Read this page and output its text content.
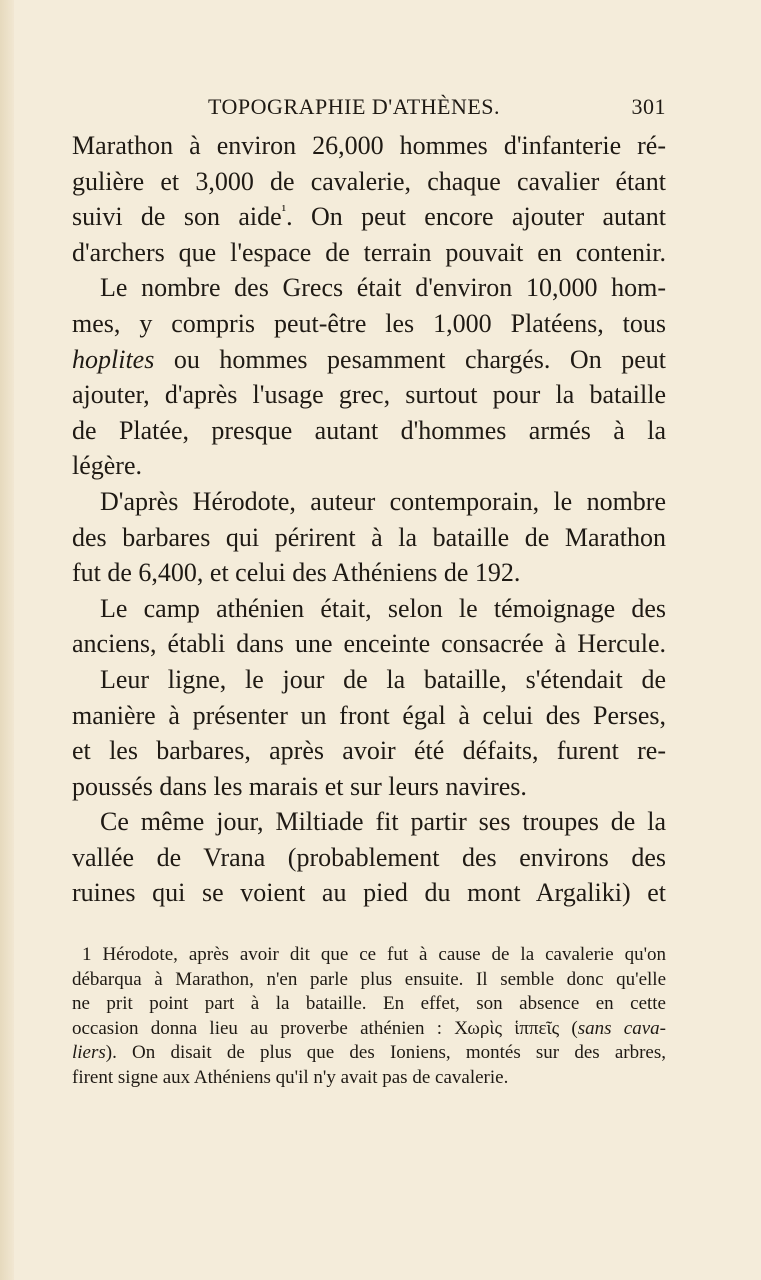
TOPOGRAPHIE D'ATHÈNES.	301

Marathon à environ 26,000 hommes d'infanterie ré-

gulière et 3,000 de cavalerie, chaque cavalier étant

suivi de son aide$^{^1}$. On peut encore ajouter autant

d'archers que l'espace de terrain pouvait en contenir.

Le nombre des Grecs était d'environ 10,000 hom-

mes, y compris peut-être les 1,000 Platéens, tous

hoplites ou hommes pesamment chargés. On peut

ajouter, d'après l'usage grec, surtout pour la bataille

de Platée, presque autant d'hommes armés à la

légère.

D'après Hérodote, auteur contemporain, le nombre

des barbares qui périrent à la bataille de Marathon

fut de 6,400, et celui des Athéniens de 192.

Le camp athénien était, selon le témoignage des

anciens, établi dans une enceinte consacrée à Hercule.

Leur ligne, le jour de la bataille, s'étendait de

manière à présenter un front égal à celui des Perses,

et les barbares, après avoir été défaits, furent re-

poussés dans les marais et sur leurs navires.

Ce même jour, Miltiade fit partir ses troupes de la

vallée de Vrana (probablement des environs des

ruines qui se voient au pied du mont Argaliki) et

1 Hérodote, après avoir dit que ce fut à cause de la cavalerie qu'on

débarqua à Marathon, n'en parle plus ensuite. Il semble donc qu'elle

ne prit point part à la bataille. En effet, son absence en cette

occasion donna lieu au proverbe athénien : Χωρὶς ἱππεῖς (sans cava-

liers). On disait de plus que des Ioniens, montés sur des arbres,

firent signe aux Athéniens qu'il n'y avait pas de cavalerie.
